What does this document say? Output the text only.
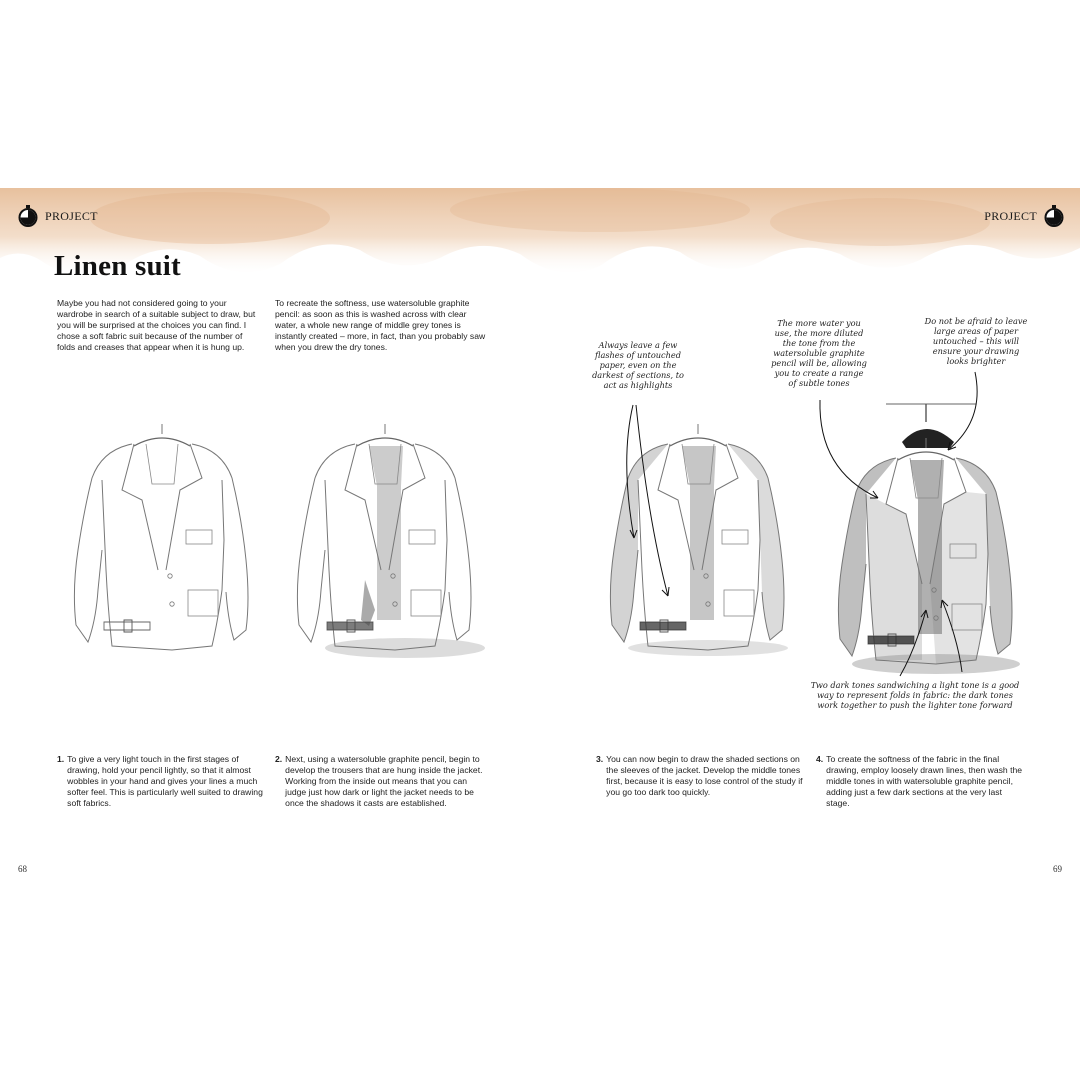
PROJECT	PROJECT
Linen suit

Maybe you had not considered going to your wardrobe in search of a suitable subject to draw, but you will be surprised at the choices you can find. I chose a soft fabric suit because of the number of folds and creases that appear when it is hung up.

To recreate the softness, use watersoluble graphite pencil: as soon as this is washed across with clear water, a whole new range of middle grey tones is instantly created – more, in fact, than you probably saw when you drew the dry tones.	Always leave a few flashes of untouched paper, even on the darkest of sections, to act as highlights

The more water you use, the more diluted the tone from the watersoluble graphite pencil will be, allowing you to create a range of subtle tones

Do not be afraid to leave large areas of paper untouched – this will ensure your drawing looks brighter

Two dark tones sandwiching a light tone is a good way to represent folds in fabric: the dark tones work together to push the lighter tone forward

1. To give a very light touch in the first stages of drawing, hold your pencil lightly, so that it almost wobbles in your hand and gives your lines a much softer feel. This is particularly well suited to drawing soft fabrics.
2. Next, using a watersoluble graphite pencil, begin to develop the trousers that are hung inside the jacket. Working from the inside out means that you can judge just how dark or light the jacket needs to be once the shadows it casts are established.
3. You can now begin to draw the shaded sections on the sleeves of the jacket. Develop the middle tones first, because it is easy to lose control of the study if you go too dark too quickly.
4. To create the softness of the fabric in the final drawing, employ loosely drawn lines, then wash the middle tones in with watersoluble graphite pencil, adding just a few dark sections at the very last stage.
68	69
